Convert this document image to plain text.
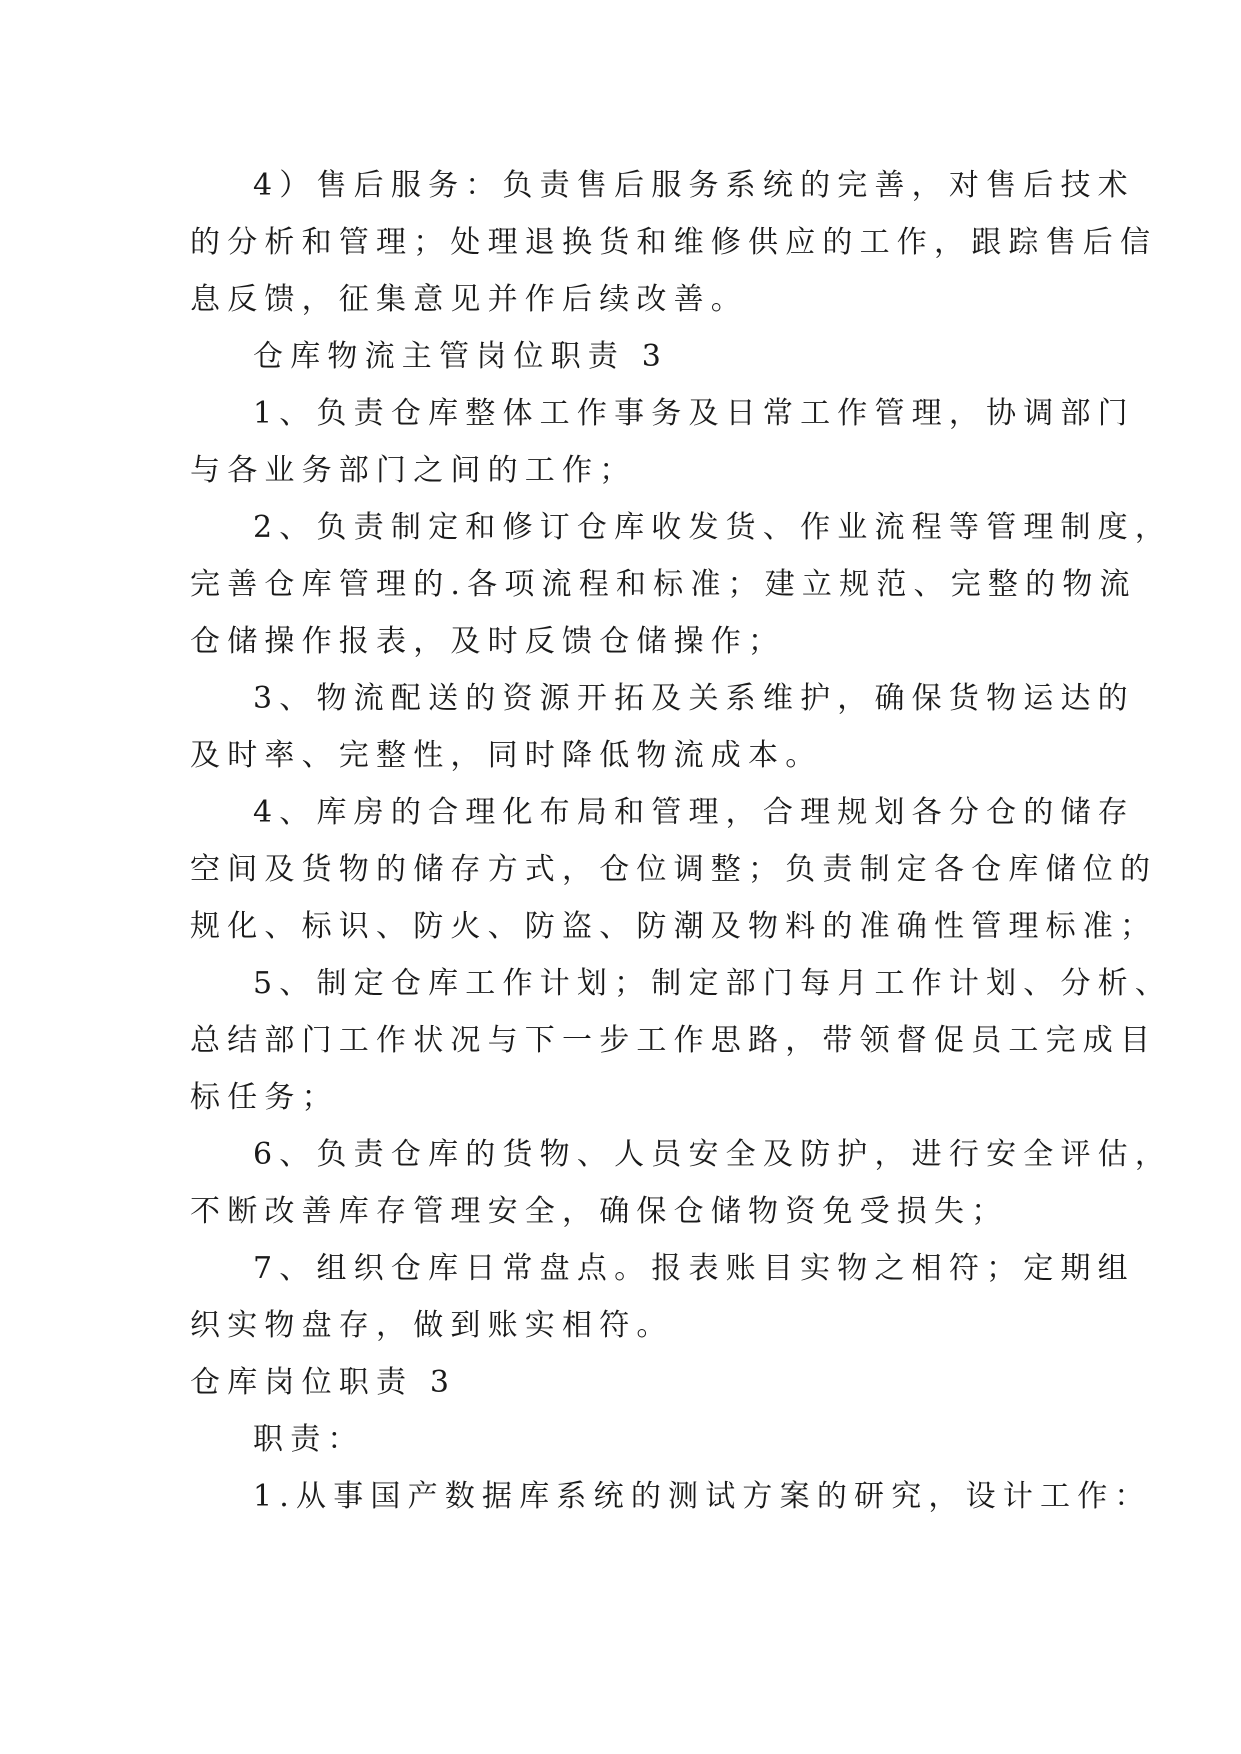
4）售后服务：负责售后服务系统的完善，对售后技术
的分析和管理；处理退换货和维修供应的工作，跟踪售后信
息反馈，征集意见并作后续改善。
仓库物流主管岗位职责 3
1、负责仓库整体工作事务及日常工作管理，协调部门
与各业务部门之间的工作；
2、负责制定和修订仓库收发货、作业流程等管理制度，
完善仓库管理的.各项流程和标准；建立规范、完整的物流
仓储操作报表，及时反馈仓储操作；
3、物流配送的资源开拓及关系维护，确保货物运达的
及时率、完整性，同时降低物流成本。
4、库房的合理化布局和管理，合理规划各分仓的储存
空间及货物的储存方式，仓位调整；负责制定各仓库储位的
规化、标识、防火、防盗、防潮及物料的准确性管理标准；
5、制定仓库工作计划；制定部门每月工作计划、分析、
总结部门工作状况与下一步工作思路，带领督促员工完成目
标任务；
6、负责仓库的货物、人员安全及防护，进行安全评估，
不断改善库存管理安全，确保仓储物资免受损失；
7、组织仓库日常盘点。报表账目实物之相符；定期组
织实物盘存，做到账实相符。
仓库岗位职责 3
职责：
1.从事国产数据库系统的测试方案的研究，设计工作：
